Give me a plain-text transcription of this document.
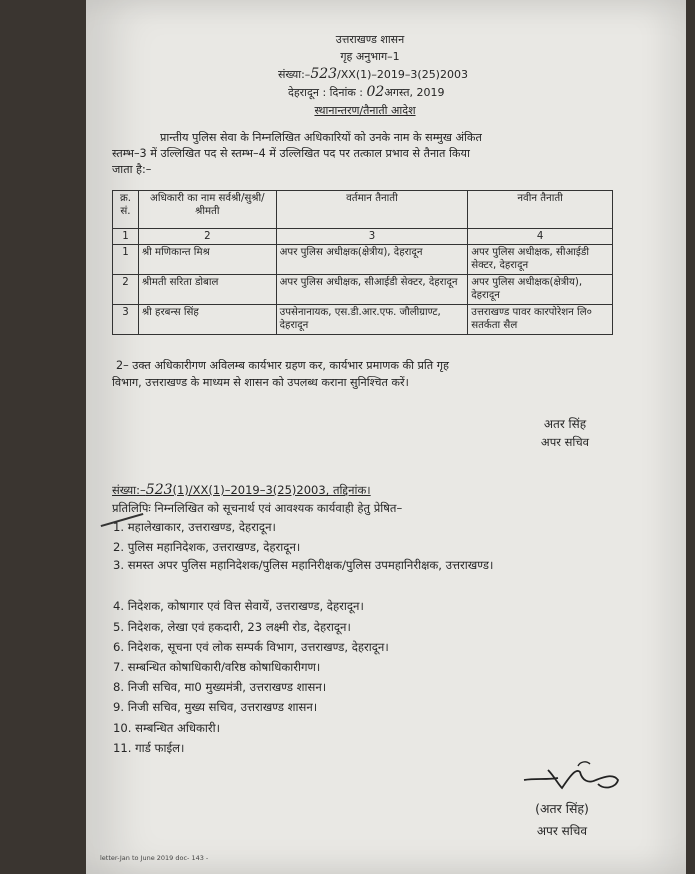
उत्तराखण्ड शासन
गृह अनुभाग–1
संख्या:–523/XX(1)–2019–3(25)2003
देहरादून : दिनांक : 02अगस्त, 2019
स्थानान्तरण/तैनाती आदेश
प्रान्तीय पुलिस सेवा के निम्नलिखित अधिकारियों को उनके नाम के सम्मुख अंकित
स्तम्भ–3 में उल्लिखित पद से स्तम्भ–4 में उल्लिखित पद पर तत्काल प्रभाव से तैनात किया
जाता है:–
क्र. सं.	अधिकारी का नाम सर्वश्री/सुश्री/श्रीमती	वर्तमान तैनाती	नवीन तैनाती
1	2	3	4
1	श्री मणिकान्त मिश्र	अपर पुलिस अधीक्षक(क्षेत्रीय), देहरादून	अपर पुलिस अधीक्षक, सीआईडी सेक्टर, देहरादून
2	श्रीमती सरिता डोबाल	अपर पुलिस अधीक्षक, सीआईडी सेक्टर, देहरादून	अपर पुलिस अधीक्षक(क्षेत्रीय), देहरादून
3	श्री हरबन्स सिंह	उपसेनानायक, एस.डी.आर.एफ. जौलीग्राण्ट, देहरादून	उत्तराखण्ड पावर कारपोरेशन लि० सतर्कता सैल
2– उक्त अधिकारीगण अविलम्ब कार्यभार ग्रहण कर, कार्यभार प्रमाणक की प्रति गृह
विभाग, उत्तराखण्ड के माध्यम से शासन को उपलब्ध कराना सुनिश्चित करें।
अतर सिंह
अपर सचिव
संख्या:–523(1)/XX(1)–2019–3(25)2003, तद्दिनांक।
प्रतिलिपिः निम्नलिखित को सूचनार्थ एवं आवश्यक कार्यवाही हेतु प्रेषित–
1. महालेखाकार, उत्तराखण्ड, देहरादून।
2. पुलिस महानिदेशक, उत्तराखण्ड, देहरादून।
3. समस्त अपर पुलिस महानिदेशक/पुलिस महानिरीक्षक/पुलिस उपमहानिरीक्षक, उत्तराखण्ड।
4. निदेशक, कोषागार एवं वित्त सेवायें, उत्तराखण्ड, देहरादून।
5. निदेशक, लेखा एवं हकदारी, 23 लक्ष्मी रोड, देहरादून।
6. निदेशक, सूचना एवं लोक सम्पर्क विभाग, उत्तराखण्ड, देहरादून।
7. सम्बन्धित कोषाधिकारी/वरिष्ठ कोषाधिकारीगण।
8. निजी सचिव, मा0 मुख्यमंत्री, उत्तराखण्ड शासन।
9. निजी सचिव, मुख्य सचिव, उत्तराखण्ड शासन।
10. सम्बन्धित अधिकारी।
11. गार्ड फाईल।
(अतर सिंह)
अपर सचिव
letter-Jan to June 2019 doc- 143 -
